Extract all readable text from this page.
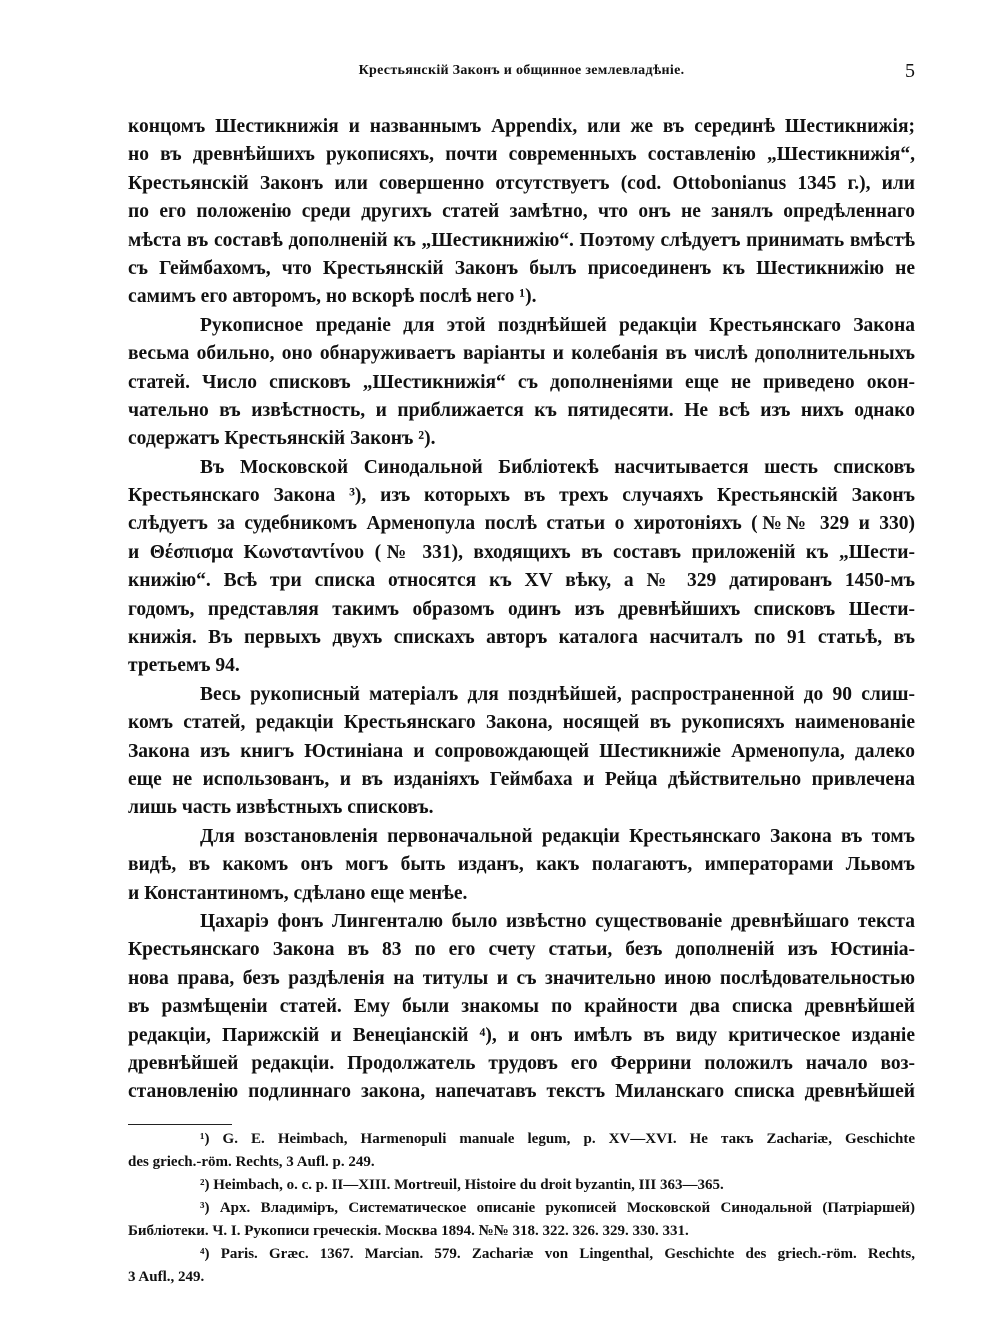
Крестьянскій Законъ и общинное землевладѣніе.	5
концомъ Шестикнижія и названнымъ Appendix, или же въ серединѣ Шестикнижія;
но въ древнѣйшихъ рукописяхъ, почти современныхъ составленію „Шестикнижія“,
Крестьянскій Законъ или совершенно отсутствуетъ (cod. Ottobonianus 1345 г.), или
по его положенію среди другихъ статей замѣтно, что онъ не занялъ опредѣленнаго
мѣста въ составѣ дополненій къ „Шестикнижію“. Поэтому слѣдуетъ принимать вмѣстѣ
съ Геймбахомъ, что Крестьянскій Законъ былъ присоединенъ къ Шестикнижію не
самимъ его авторомъ, но вскорѣ послѣ него ¹).
Рукописное преданіе для этой позднѣйшей редакціи Крестьянскаго Закона
весьма обильно, оно обнаруживаетъ варіанты и колебанія въ числѣ дополнительныхъ
статей. Число списковъ „Шестикнижія“ съ дополненіями еще не приведено окон-
чательно въ извѣстность, и приближается къ пятидесяти. Не всѣ изъ нихъ однако
содержатъ Крестьянскій Законъ ²).
Въ Московской Синодальной Библіотекѣ насчитывается шесть списковъ
Крестьянскаго Закона ³), изъ которыхъ въ трехъ случаяхъ Крестьянскій Законъ
слѣдуетъ за судебникомъ Арменопула послѣ статьи о хиротоніяхъ (№№ 329 и 330)
и Θέσπισμα Κωνσταντίνου (№ 331), входящихъ въ составъ приложеній къ „Шести-
книжію“. Всѣ три списка относятся къ XV вѣку, а № 329 датированъ 1450-мъ
годомъ, представляя такимъ образомъ одинъ изъ древнѣйшихъ списковъ Шести-
книжія. Въ первыхъ двухъ спискахъ авторъ каталога насчиталъ по 91 статьѣ, въ
третьемъ 94.
Весь рукописный матеріалъ для позднѣйшей, распространенной до 90 слиш-
комъ статей, редакціи Крестьянскаго Закона, носящей въ рукописяхъ наименованіе
Закона изъ книгъ Юстиніана и сопровождающей Шестикнижіе Арменопула, далеко
еще не использованъ, и въ изданіяхъ Геймбаха и Рейца дѣйствительно привлечена
лишь часть извѣстныхъ списковъ.
Для возстановленія первоначальной редакціи Крестьянскаго Закона въ томъ
видѣ, въ какомъ онъ могъ быть изданъ, какъ полагаютъ, императорами Львомъ
и Константиномъ, сдѣлано еще менѣе.
Цахаріэ фонъ Лингенталю было извѣстно существованіе древнѣйшаго текста
Крестьянскаго Закона въ 83 по его счету статьи, безъ дополненій изъ Юстиніа-
нова права, безъ раздѣленія на титулы и съ значительно иною послѣдовательностью
въ размѣщеніи статей. Ему были знакомы по крайности два списка древнѣйшей
редакціи, Парижскій и Венеціанскій ⁴), и онъ имѣлъ въ виду критическое изданіе
древнѣйшей редакціи. Продолжатель трудовъ его Феррини положилъ начало воз-
становленію подлиннаго закона, напечатавъ текстъ Миланскаго списка древнѣйшей
¹) G. E. Heimbach, Harmenopuli manuale legum, p. XV—XVI. Не такъ Zachariæ, Geschichte
des griech.-röm. Rechts, 3 Aufl. p. 249.
²) Heimbach, o. c. p. II—XIII. Mortreuil, Histoire du droit byzantin, III 363—365.
³) Арх. Владиміръ, Систематическое описаніе рукописей Московской Синодальной (Патріаршей)
Библіотеки. Ч. I. Рукописи греческія. Москва 1894. №№ 318. 322. 326. 329. 330. 331.
⁴) Paris. Græc. 1367. Marcian. 579. Zachariæ von Lingenthal, Geschichte des griech.-röm. Rechts,
3 Aufl., 249.
